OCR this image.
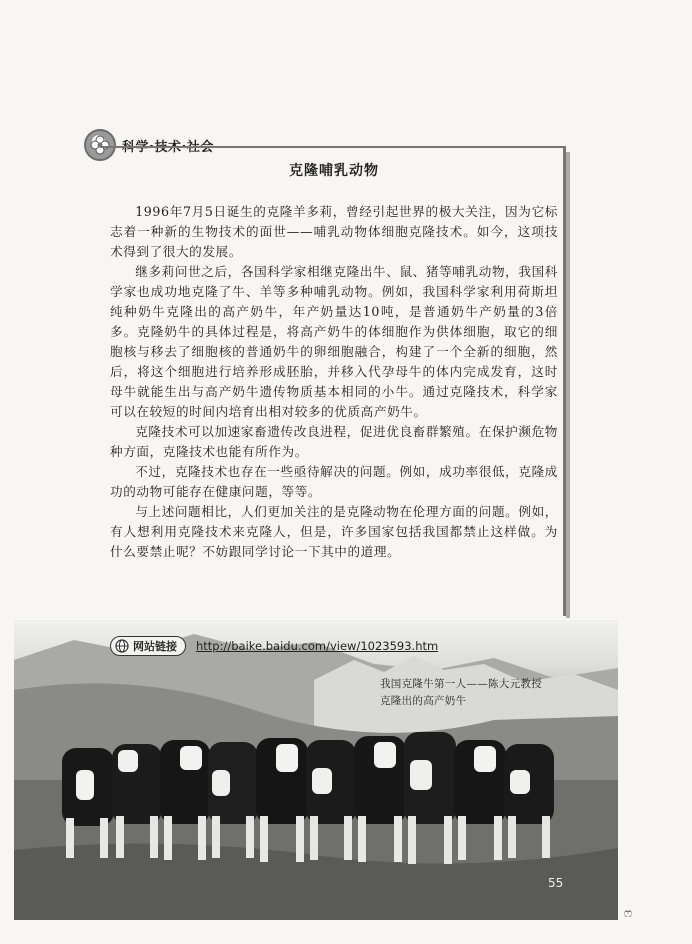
科学·技术·社会
克隆哺乳动物

1996年7月5日诞生的克隆羊多莉，曾经引起世界的极大关注，因为它标志着一种新的生物技术的面世——哺乳动物体细胞克隆技术。如今，这项技术得到了很大的发展。

继多莉问世之后，各国科学家相继克隆出牛、鼠、猪等哺乳动物，我国科学家也成功地克隆了牛、羊等多种哺乳动物。例如，我国科学家利用荷斯坦纯种奶牛克隆出的高产奶牛，年产奶量达10吨，是普通奶牛产奶量的3倍多。克隆奶牛的具体过程是，将高产奶牛的体细胞作为供体细胞，取它的细胞核与移去了细胞核的普通奶牛的卵细胞融合，构建了一个全新的细胞，然后，将这个细胞进行培养形成胚胎，并移入代孕母牛的体内完成发育，这时母牛就能生出与高产奶牛遗传物质基本相同的小牛。通过克隆技术，科学家可以在较短的时间内培育出相对较多的优质高产奶牛。

克隆技术可以加速家畜遗传改良进程，促进优良畜群繁殖。在保护濒危物种方面，克隆技术也能有所作为。

不过，克隆技术也存在一些亟待解决的问题。例如，成功率很低，克隆成功的动物可能存在健康问题，等等。

与上述问题相比，人们更加关注的是克隆动物在伦理方面的问题。例如，有人想利用克隆技术来克隆人，但是，许多国家包括我国都禁止这样做。为什么要禁止呢？不妨跟同学讨论一下其中的道理。

网站链接 http://baike.baidu.com/view/1023593.htm
我国克隆牛第一人——陈大元教授
克隆出的高产奶牛
55
ෆ
